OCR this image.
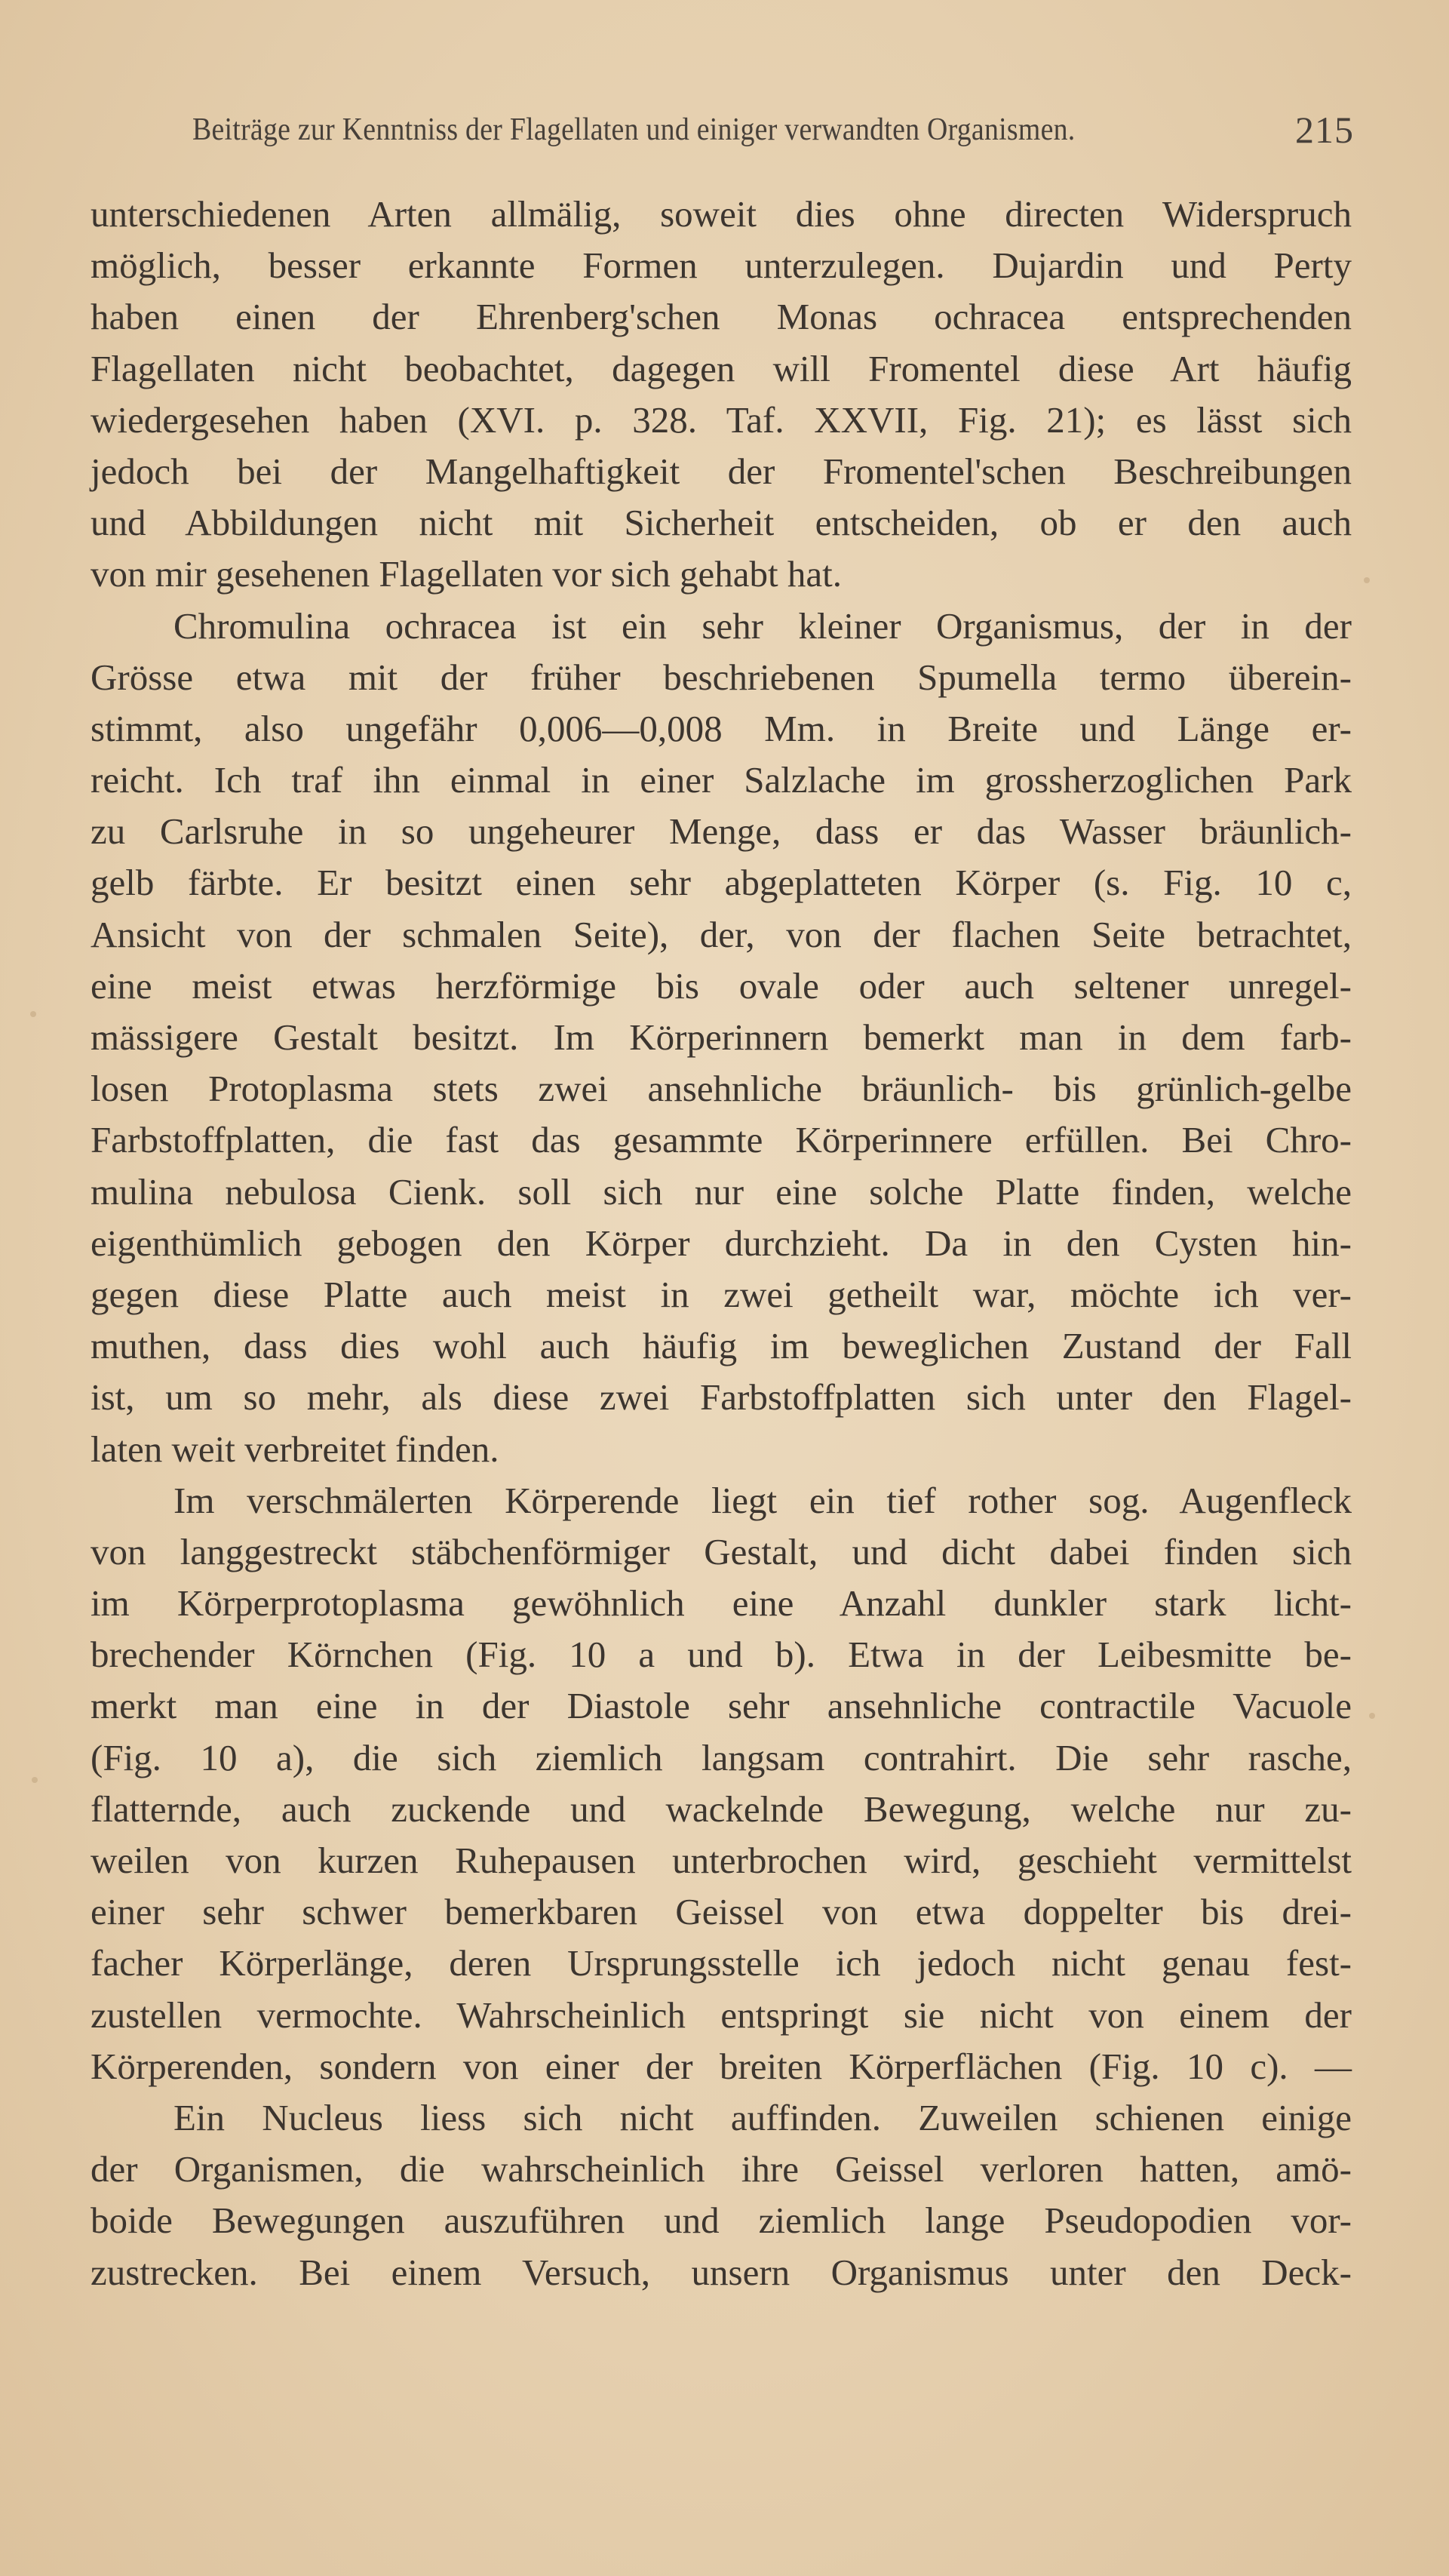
Beiträge zur Kenntniss der Flagellaten und einiger verwandten Organismen.	215
unterschiedenen Arten allmälig, soweit dies ohne directen Widerspruch
möglich, besser erkannte Formen unterzulegen. Dujardin und Perty
haben einen der Ehrenberg'schen Monas ochracea entsprechenden
Flagellaten nicht beobachtet, dagegen will Fromentel diese Art häufig
wiedergesehen haben (XVI. p. 328. Taf. XXVII, Fig. 21); es lässt sich
jedoch bei der Mangelhaftigkeit der Fromentel'schen Beschreibungen
und Abbildungen nicht mit Sicherheit entscheiden, ob er den auch
von mir gesehenen Flagellaten vor sich gehabt hat.
Chromulina ochracea ist ein sehr kleiner Organismus, der in der
Grösse etwa mit der früher beschriebenen Spumella termo überein-
stimmt, also ungefähr 0,006—0,008 Mm. in Breite und Länge er-
reicht. Ich traf ihn einmal in einer Salzlache im grossherzoglichen Park
zu Carlsruhe in so ungeheurer Menge, dass er das Wasser bräunlich-
gelb färbte. Er besitzt einen sehr abgeplatteten Körper (s. Fig. 10 c,
Ansicht von der schmalen Seite), der, von der flachen Seite betrachtet,
eine meist etwas herzförmige bis ovale oder auch seltener unregel-
mässigere Gestalt besitzt. Im Körperinnern bemerkt man in dem farb-
losen Protoplasma stets zwei ansehnliche bräunlich- bis grünlich-gelbe
Farbstoffplatten, die fast das gesammte Körperinnere erfüllen. Bei Chro-
mulina nebulosa Cienk. soll sich nur eine solche Platte finden, welche
eigenthümlich gebogen den Körper durchzieht. Da in den Cysten hin-
gegen diese Platte auch meist in zwei getheilt war, möchte ich ver-
muthen, dass dies wohl auch häufig im beweglichen Zustand der Fall
ist, um so mehr, als diese zwei Farbstoffplatten sich unter den Flagel-
laten weit verbreitet finden.
Im verschmälerten Körperende liegt ein tief rother sog. Augenfleck
von langgestreckt stäbchenförmiger Gestalt, und dicht dabei finden sich
im Körperprotoplasma gewöhnlich eine Anzahl dunkler stark licht-
brechender Körnchen (Fig. 10 a und b). Etwa in der Leibesmitte be-
merkt man eine in der Diastole sehr ansehnliche contractile Vacuole
(Fig. 10 a), die sich ziemlich langsam contrahirt. Die sehr rasche,
flatternde, auch zuckende und wackelnde Bewegung, welche nur zu-
weilen von kurzen Ruhepausen unterbrochen wird, geschieht vermittelst
einer sehr schwer bemerkbaren Geissel von etwa doppelter bis drei-
facher Körperlänge, deren Ursprungsstelle ich jedoch nicht genau fest-
zustellen vermochte. Wahrscheinlich entspringt sie nicht von einem der
Körperenden, sondern von einer der breiten Körperflächen (Fig. 10 c). —
Ein Nucleus liess sich nicht auffinden. Zuweilen schienen einige
der Organismen, die wahrscheinlich ihre Geissel verloren hatten, amö-
boide Bewegungen auszuführen und ziemlich lange Pseudopodien vor-
zustrecken. Bei einem Versuch, unsern Organismus unter den Deck-
